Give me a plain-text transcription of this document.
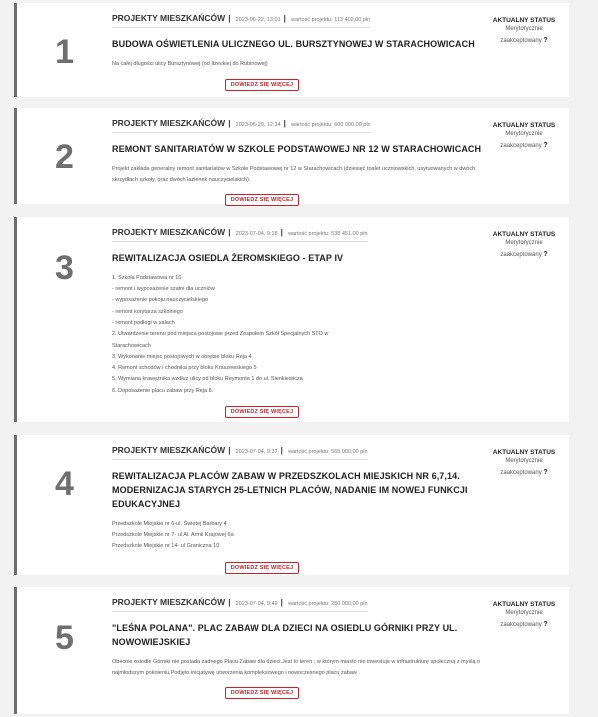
1
PROJEKTY MIESZKAŃCÓW | 2023-06-22, 13:01 | wartość projektu: 113 402,00 pln
BUDOWA OŚWIETLENIA ULICZNEGO UL. BURSZTYNOWEJ W STARACHOWICACH
Na całej długości ulicy Bursztynowej (od Iłżeckiej do Rubinowej)
DOWIEDZ SIĘ WIĘCEJ
AKTUALNY STATUS
Merytorycznie
zaakceptowany ?
2
PROJEKTY MIESZKAŃCÓW | 2023-06-29, 12:34 | wartość projektu: 600 000,00 pln
REMONT SANITARIATÓW W SZKOLE PODSTAWOWEJ NR 12 W STARACHOWICACH
Projekt zakłada generalny remont sanitariatów w Szkole Podstawowej nr 12 w Starachowicach (dziesięć toalet uczniowskich, usytuowanych w dwóch skrzydłach szkoły, oraz dwóch łazienek nauczycielskich).
DOWIEDZ SIĘ WIĘCEJ
AKTUALNY STATUS
Merytorycznie
zaakceptowany ?
3
PROJEKTY MIESZKAŃCÓW | 2023-07-04, 9:18 | wartość projektu: 538 451,00 pln
REWITALIZACJA OSIEDLA ŻEROMSKIEGO - ETAP IV
1. Szkoła Podstawowa nr 10
- remont i wyposażenie szatni dla uczniów
- wyposażenie pokoju nauczycielskiego
- remont korytarza szkolnego
- remont podłogi w salach
2. Utwardzenie terenu pod miejsca postojowe przed Zespołem Szkół Specjalnych STO w
Starachowicach
3. Wykonanie miejsc postojowych w obrębie bloku Reja 4
4. Remont schodów i chodnika przy bloku Kraszewskiego 5
5. Wymiana krawężnika wzdłuż ulicy od bloku Reymonta 1 do ul. Sienkiewicza
6. Doposażenie placu zabaw przy Reja 8.
DOWIEDZ SIĘ WIĘCEJ
AKTUALNY STATUS
Merytorycznie
zaakceptowany ?
4
PROJEKTY MIESZKAŃCÓW | 2023-07-04, 9:37 | wartość projektu: 565 000,00 pln
REWITALIZACJA PLACÓW ZABAW W PRZEDSZKOLACH MIEJSKICH NR 6,7,14. MODERNIZACJA STARYCH 25-LETNICH PLACÓW, NADANIE IM NOWEJ FUNKCJI EDUKACYJNEJ
Przedszkole Miejskie nr 6-ul. Świętej Barbary 4
Przedszkole Miejskie nr 7- ul Al. Armii Krajowej 6a
Przedszkole Miejskie nr 14- ul Graniczna 10
DOWIEDZ SIĘ WIĘCEJ
AKTUALNY STATUS
Merytorycznie
zaakceptowany ?
5
PROJEKTY MIESZKAŃCÓW | 2023-07-04, 9:49 | wartość projektu: 250 000,00 pln
"LEŚNA POLANA". PLAC ZABAW DLA DZIECI NA OSIEDLU GÓRNIKI PRZY UL. NOWOWIEJSKIEJ
Obecnie osiedle Górniki nie posiada żadnego Placu Zabaw dla dzieci.Jest to teren , w którym miasto nie inwestuje w infrastrukturę społeczną z myślą o najmłodszym pokoleniu.Podjęto inicjatywę utworzenia kompleksowego i nowoczesnego placu zabaw .
DOWIEDZ SIĘ WIĘCEJ
AKTUALNY STATUS
Merytorycznie
zaakceptowany ?
